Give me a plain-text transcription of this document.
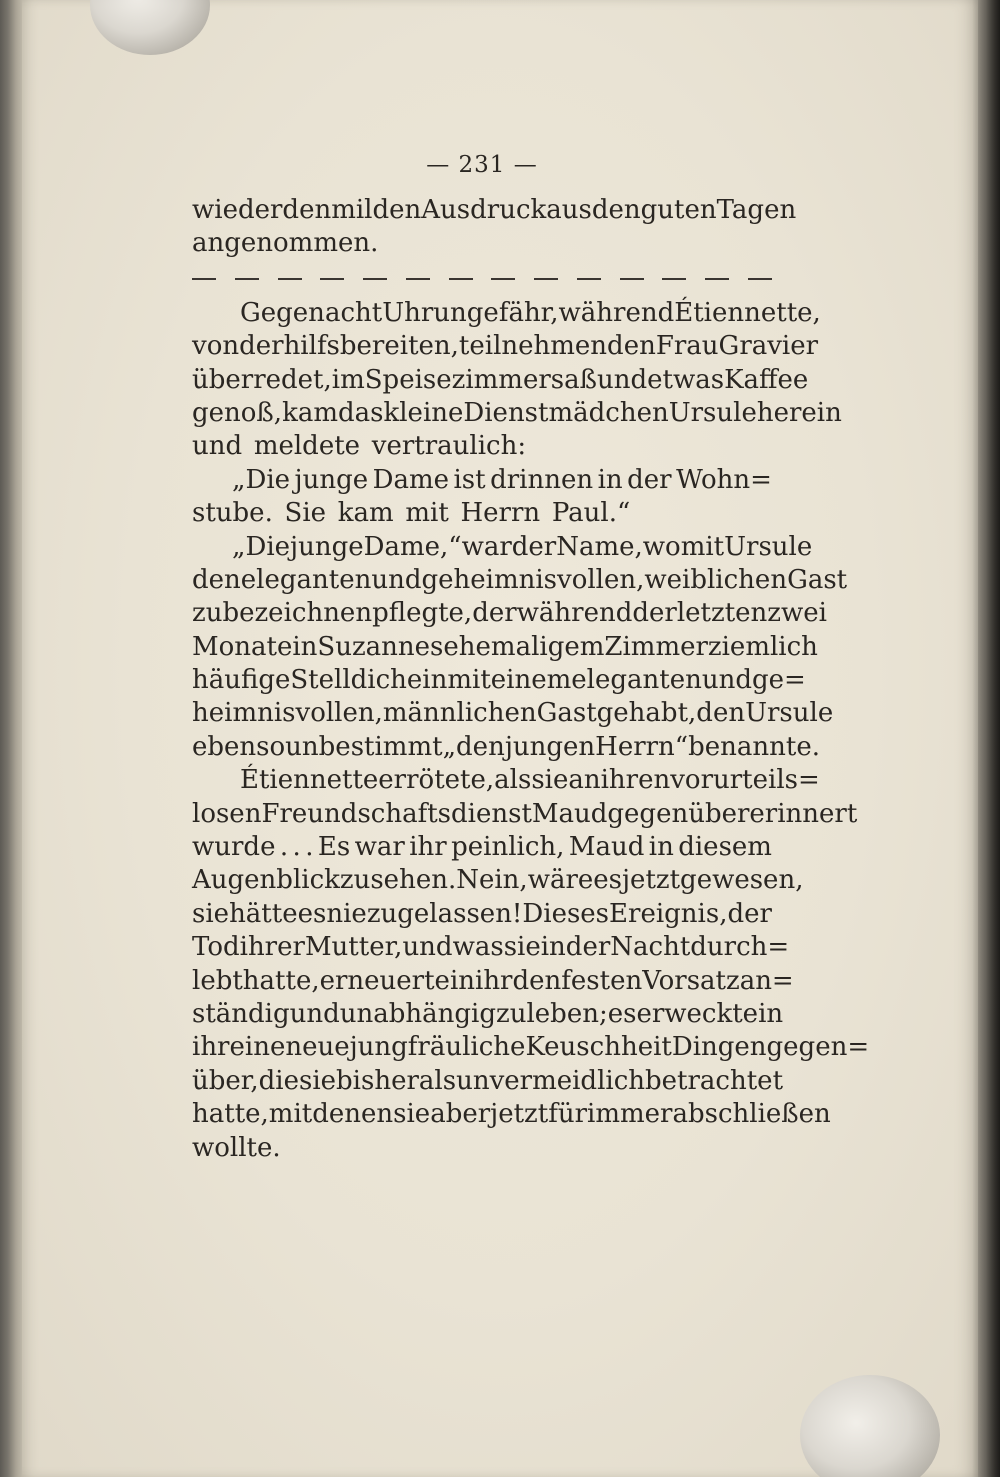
— 231 —
wieder den milden Ausdruck aus den guten Tagen
angenommen.
Gegen acht Uhr ungefähr, während Étiennette,
von der hilfsbereiten, teilnehmenden Frau Gravier
überredet, im Speisezimmer saß und etwas Kaffee
genoß, kam das kleine Dienstmädchen Ursule herein
und meldete vertraulich:
„Die junge Dame ist drinnen in der Wohn=
stube. Sie kam mit Herrn Paul.“
„Die junge Dame,“ war der Name, womit Ursule
den eleganten und geheimnisvollen, weiblichen Gast
zu bezeichnen pflegte, der während der letzten zwei
Monate in Suzannes ehemaligem Zimmer ziemlich
häufige Stelldichein mit einem eleganten und ge=
heimnisvollen, männlichen Gast gehabt, den Ursule
ebenso unbestimmt „den jungen Herrn“ benannte.
Étiennette errötete, als sie an ihren vorurteils=
losen Freundschaftsdienst Maud gegenüber erinnert
wurde . . . Es war ihr peinlich, Maud in diesem
Augenblick zu sehen. Nein, wäre es jetzt gewesen,
sie hätte es nie zugelassen! Dieses Ereignis, der
Tod ihrer Mutter, und was sie in der Nacht durch=
lebt hatte, erneuerte in ihr den festen Vorsatz an=
ständig und unabhängig zu leben; es erweckte in
ihr eine neue jungfräuliche Keuschheit Dingen gegen=
über, die sie bisher als unvermeidlich betrachtet
hatte, mit denen sie aber jetzt für immer abschließen
wollte.
